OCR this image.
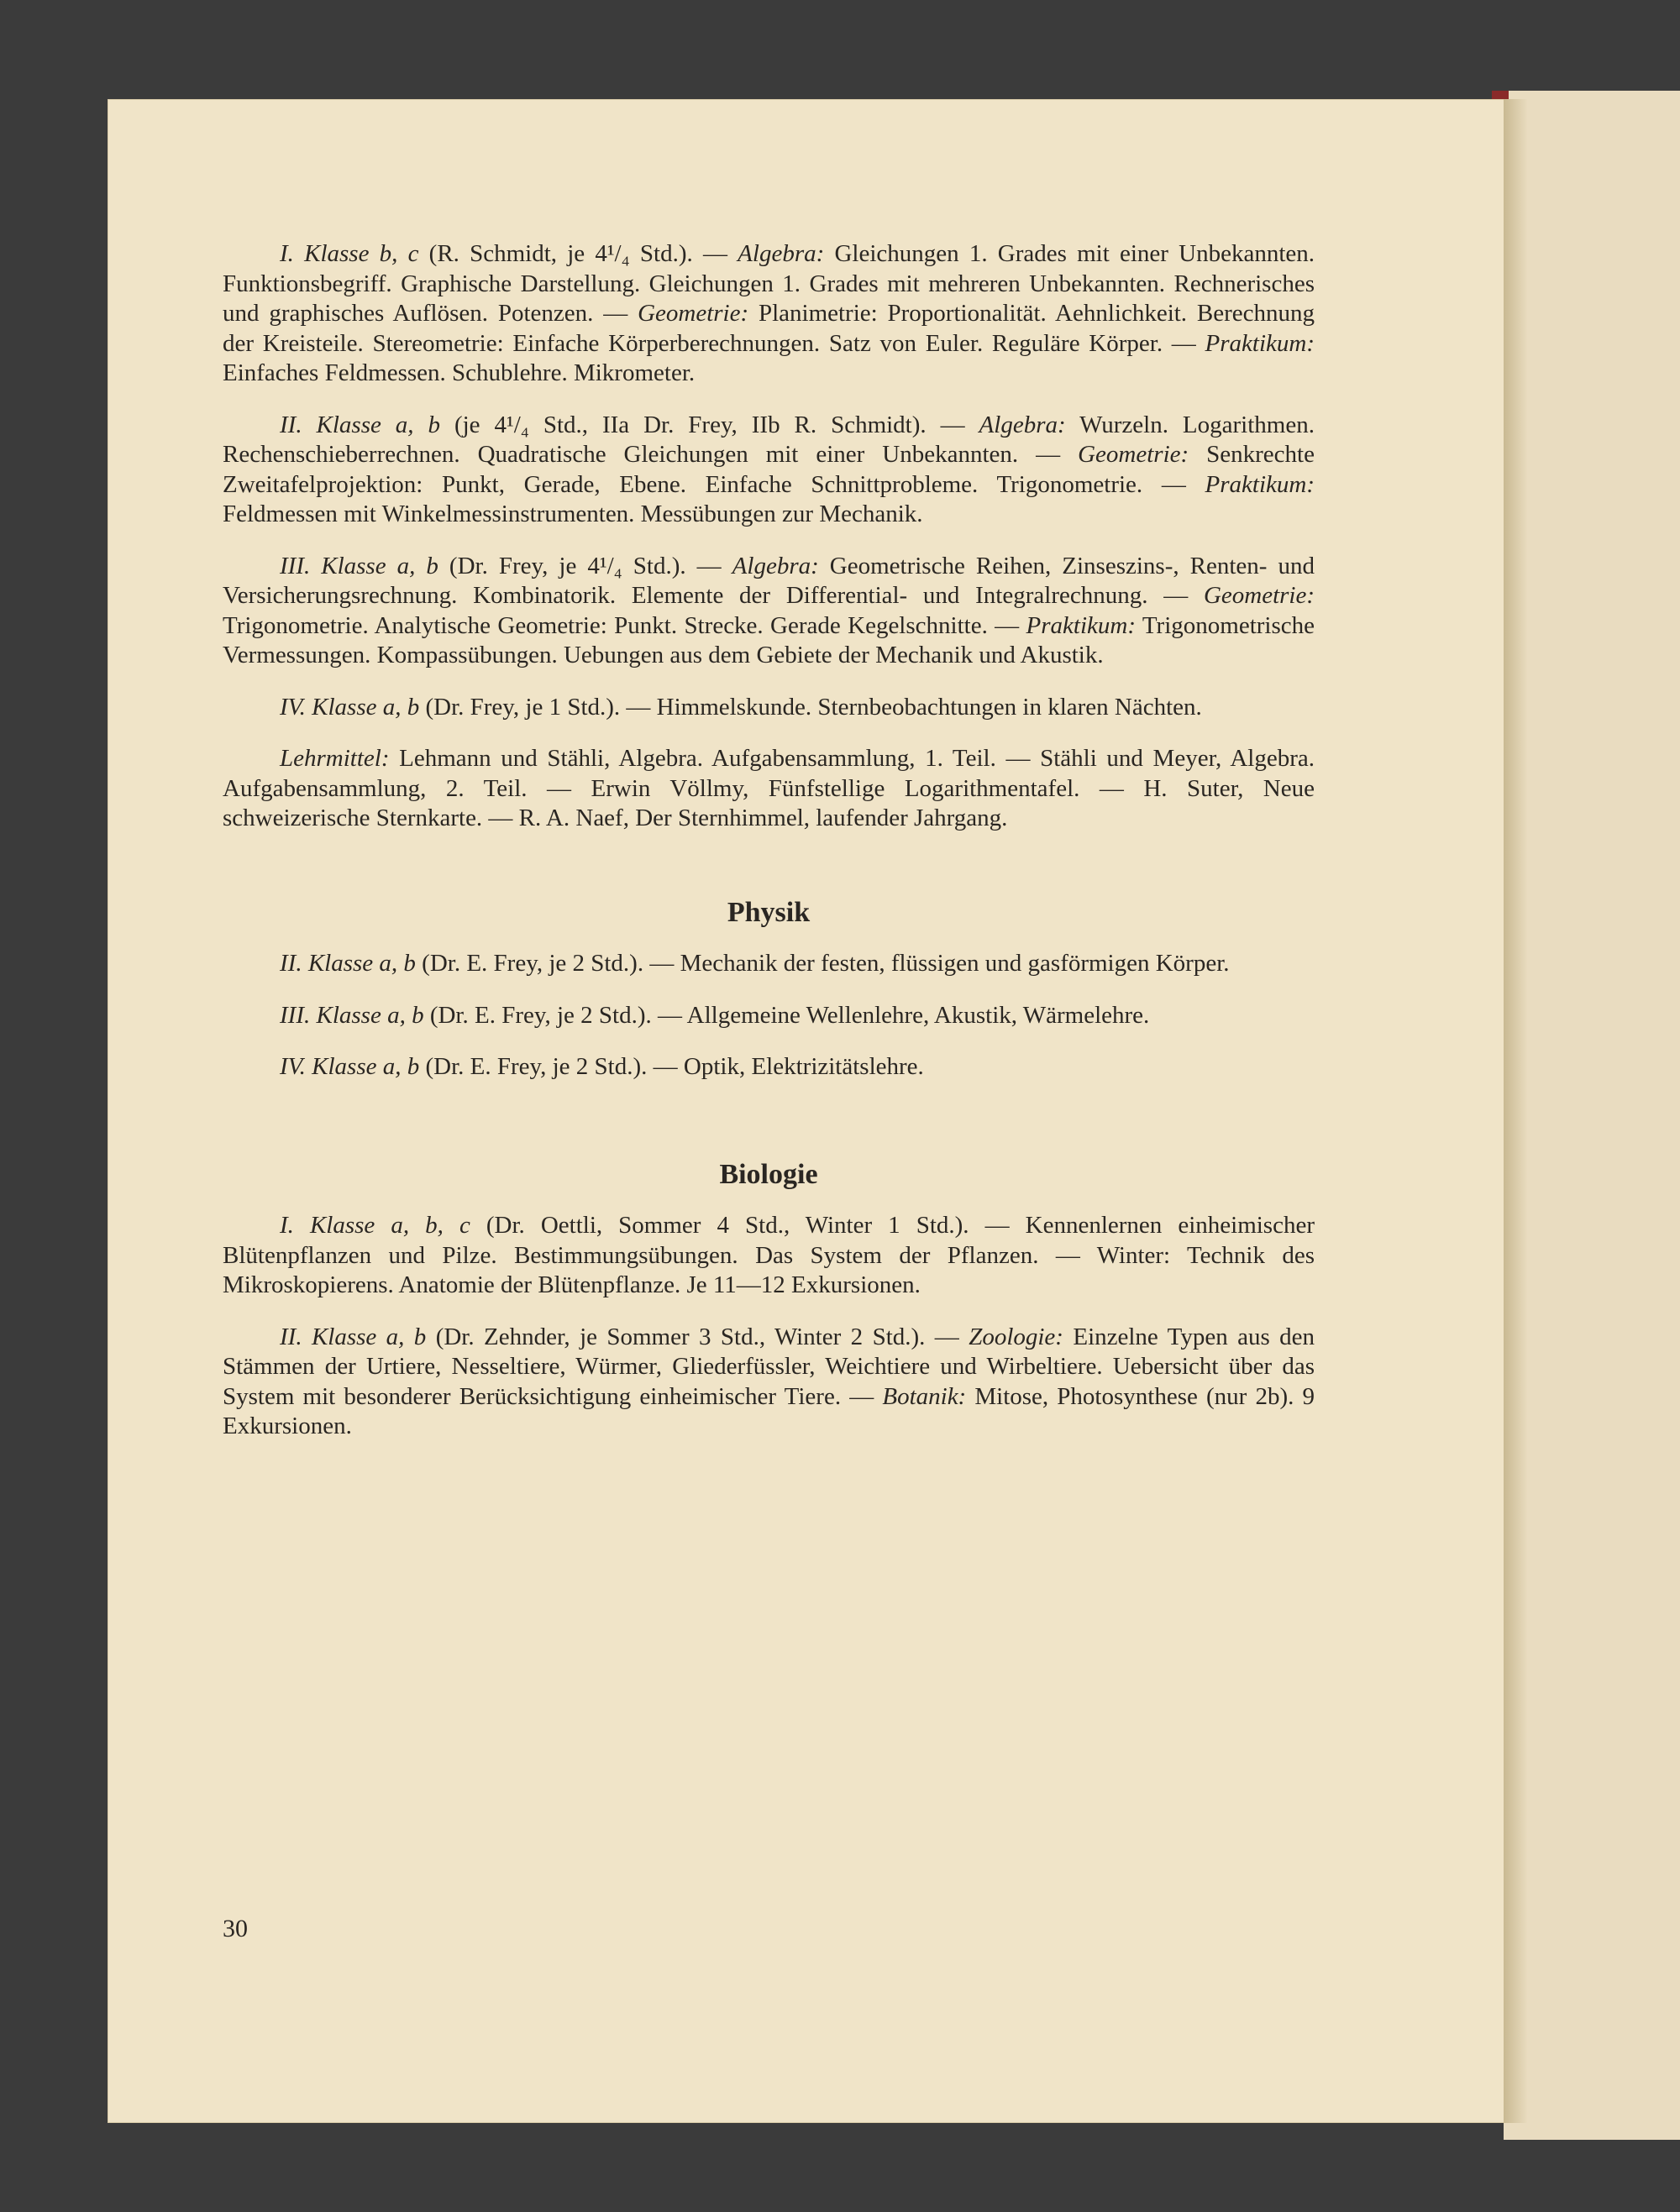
I. Klasse b, c (R. Schmidt, je 4¹/₄ Std.). — Algebra: Gleichungen 1. Grades mit einer Unbekannten. Funktionsbegriff. Graphische Darstellung. Gleichungen 1. Grades mit mehreren Unbekannten. Rechnerisches und graphisches Auflösen. Potenzen. — Geometrie: Planimetrie: Proportionalität. Aehnlichkeit. Berechnung der Kreisteile. Stereometrie: Einfache Körperberechnungen. Satz von Euler. Reguläre Körper. — Praktikum: Einfaches Feldmessen. Schublehre. Mikrometer.

II. Klasse a, b (je 4¹/₄ Std., IIa Dr. Frey, IIb R. Schmidt). — Algebra: Wurzeln. Logarithmen. Rechenschieberrechnen. Quadratische Gleichungen mit einer Unbekannten. — Geometrie: Senkrechte Zweitafelprojektion: Punkt, Gerade, Ebene. Einfache Schnittprobleme. Trigonometrie. — Praktikum: Feldmessen mit Winkelmessinstrumenten. Messübungen zur Mechanik.

III. Klasse a, b (Dr. Frey, je 4¹/₄ Std.). — Algebra: Geometrische Reihen, Zinseszins-, Renten- und Versicherungsrechnung. Kombinatorik. Elemente der Differential- und Integralrechnung. — Geometrie: Trigonometrie. Analytische Geometrie: Punkt. Strecke. Gerade Kegelschnitte. — Praktikum: Trigonometrische Vermessungen. Kompassübungen. Uebungen aus dem Gebiete der Mechanik und Akustik.

IV. Klasse a, b (Dr. Frey, je 1 Std.). — Himmelskunde. Sternbeobachtungen in klaren Nächten.

Lehrmittel: Lehmann und Stähli, Algebra. Aufgabensammlung, 1. Teil. — Stähli und Meyer, Algebra. Aufgabensammlung, 2. Teil. — Erwin Völlmy, Fünfstellige Logarithmentafel. — H. Suter, Neue schweizerische Sternkarte. — R. A. Naef, Der Sternhimmel, laufender Jahrgang.

Physik

II. Klasse a, b (Dr. E. Frey, je 2 Std.). — Mechanik der festen, flüssigen und gasförmigen Körper.

III. Klasse a, b (Dr. E. Frey, je 2 Std.). — Allgemeine Wellenlehre, Akustik, Wärmelehre.

IV. Klasse a, b (Dr. E. Frey, je 2 Std.). — Optik, Elektrizitätslehre.

Biologie

I. Klasse a, b, c (Dr. Oettli, Sommer 4 Std., Winter 1 Std.). — Kennenlernen einheimischer Blütenpflanzen und Pilze. Bestimmungsübungen. Das System der Pflanzen. — Winter: Technik des Mikroskopierens. Anatomie der Blütenpflanze. Je 11—12 Exkursionen.

II. Klasse a, b (Dr. Zehnder, je Sommer 3 Std., Winter 2 Std.). — Zoologie: Einzelne Typen aus den Stämmen der Urtiere, Nesseltiere, Würmer, Gliederfüssler, Weichtiere und Wirbeltiere. Uebersicht über das System mit besonderer Berücksichtigung einheimischer Tiere. — Botanik: Mitose, Photosynthese (nur 2b). 9 Exkursionen.

30
